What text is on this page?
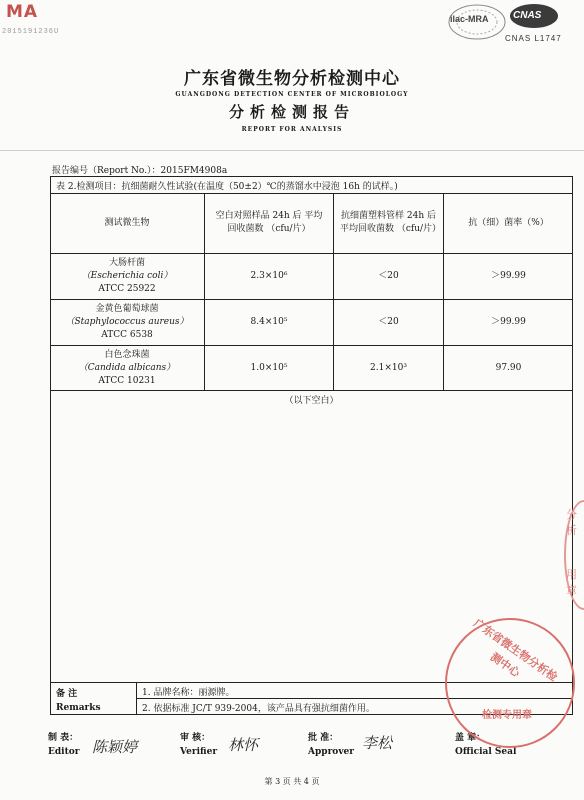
MA
2015191236U
ilac-MRA CNAS
CNAS L1747
广东省微生物分析检测中心
GUANGDONG DETECTION CENTER OF MICROBIOLOGY
分析检测报告
REPORT FOR ANALYSIS
报告编号（Report No.）：2015FM4908a
表 2.检测项目：抗细菌耐久性试验(在温度（50±2）℃的蒸馏水中浸泡 16h 的试样。)
测试微生物
空白对照样品 24h 后 平均回收菌数 （cfu/片）
抗细菌塑料管样 24h 后平均回收菌数 （cfu/片）
抗（细）菌率（%）
大肠杆菌
（Escherichia coli）
ATCC 25922
2.3×10⁶	＜20	＞99.99
金黄色葡萄球菌
（Staphylococcus aureus）
ATCC 6538
8.4×10⁵	＜20	＞99.99
白色念珠菌
（Candida albicans）
ATCC 10231
1.0×10⁵	2.1×10³	97.90
（以下空白）
备 注
Remarks
1. 品牌名称：丽源牌。
2. 依据标准 JC/T 939-2004，该产品具有强抗细菌作用。
制 表：
Editor 陈颖婷	审 核：
Verifier 林怀	批 准：
Approver 李松	盖 章：
Official Seal
广东省微生物分析检测中心
检测专用章
分析
用章
第 3 页 共 4 页
